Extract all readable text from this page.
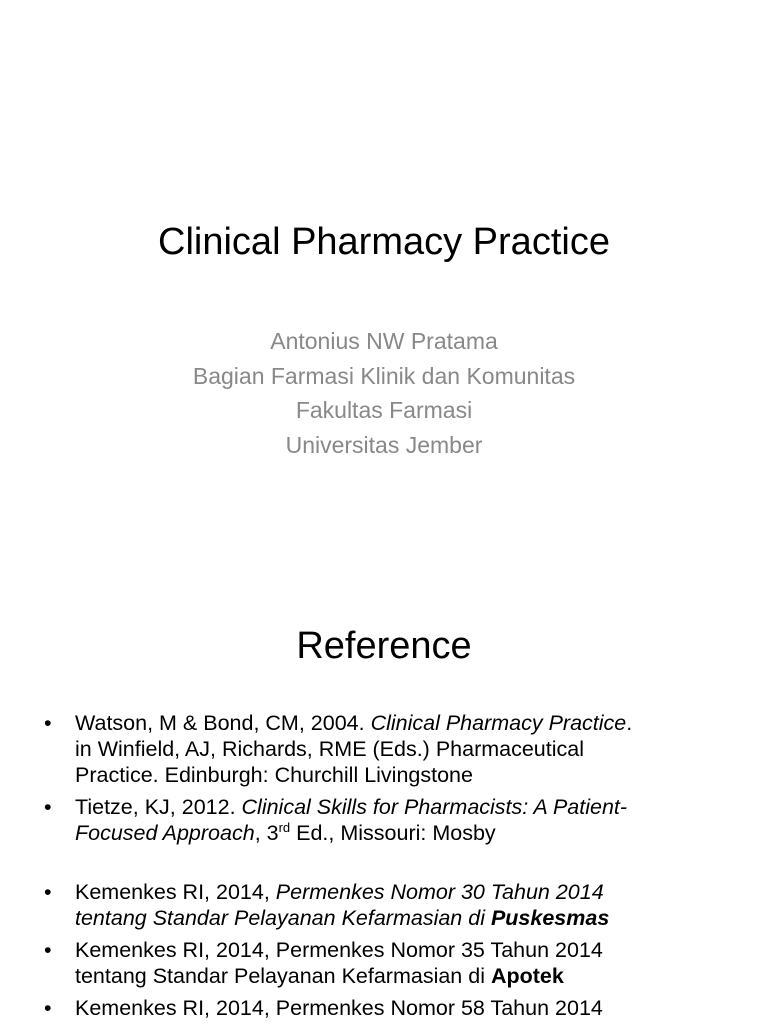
Clinical Pharmacy Practice
Antonius NW Pratama
Bagian Farmasi Klinik dan Komunitas
Fakultas Farmasi
Universitas Jember
Reference
• Watson, M & Bond, CM, 2004. Clinical Pharmacy Practice.
in Winfield, AJ, Richards, RME (Eds.) Pharmaceutical
Practice. Edinburgh: Churchill Livingstone
• Tietze, KJ, 2012. Clinical Skills for Pharmacists: A Patient-
Focused Approach, 3rd Ed., Missouri: Mosby
• Kemenkes RI, 2014, Permenkes Nomor 30 Tahun 2014
tentang Standar Pelayanan Kefarmasian di Puskesmas
• Kemenkes RI, 2014, Permenkes Nomor 35 Tahun 2014
tentang Standar Pelayanan Kefarmasian di Apotek
• Kemenkes RI, 2014, Permenkes Nomor 58 Tahun 2014
